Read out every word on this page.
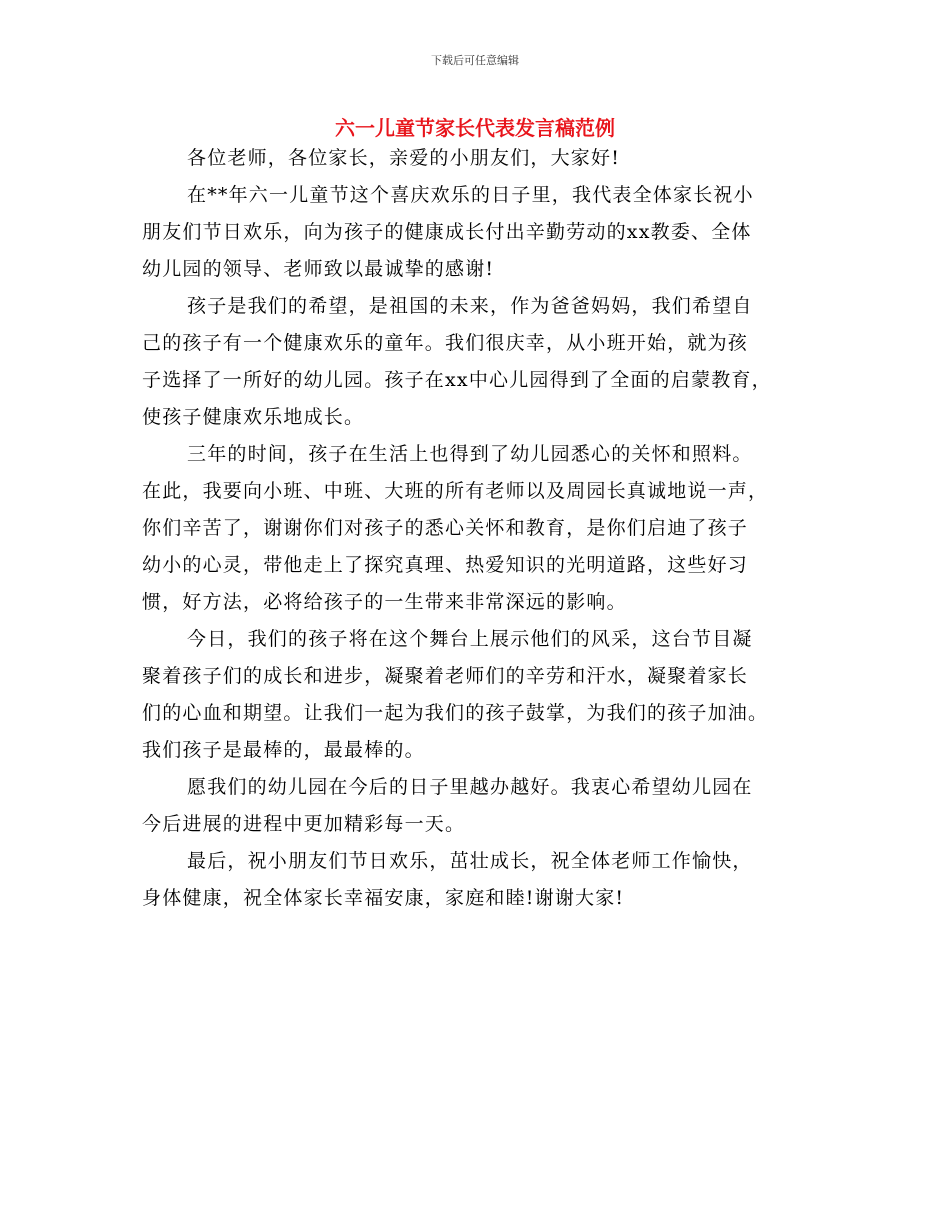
下载后可任意编辑
六一儿童节家长代表发言稿范例

各位老师，各位家长，亲爱的小朋友们，大家好!

在**年六一儿童节这个喜庆欢乐的日子里，我代表全体家长祝小
朋友们节日欢乐，向为孩子的健康成长付出辛勤劳动的xx教委、全体
幼儿园的领导、老师致以最诚挚的感谢!

孩子是我们的希望，是祖国的未来，作为爸爸妈妈，我们希望自
己的孩子有一个健康欢乐的童年。我们很庆幸，从小班开始，就为孩
子选择了一所好的幼儿园。孩子在xx中心儿园得到了全面的启蒙教育，
使孩子健康欢乐地成长。

三年的时间，孩子在生活上也得到了幼儿园悉心的关怀和照料。
在此，我要向小班、中班、大班的所有老师以及周园长真诚地说一声，
你们辛苦了，谢谢你们对孩子的悉心关怀和教育，是你们启迪了孩子
幼小的心灵，带他走上了探究真理、热爱知识的光明道路，这些好习
惯，好方法，必将给孩子的一生带来非常深远的影响。

今日，我们的孩子将在这个舞台上展示他们的风采，这台节目凝
聚着孩子们的成长和进步，凝聚着老师们的辛劳和汗水，凝聚着家长
们的心血和期望。让我们一起为我们的孩子鼓掌，为我们的孩子加油。
我们孩子是最棒的，最最棒的。

愿我们的幼儿园在今后的日子里越办越好。我衷心希望幼儿园在
今后进展的进程中更加精彩每一天。

最后，祝小朋友们节日欢乐，茁壮成长，祝全体老师工作愉快，
身体健康，祝全体家长幸福安康，家庭和睦!谢谢大家!
